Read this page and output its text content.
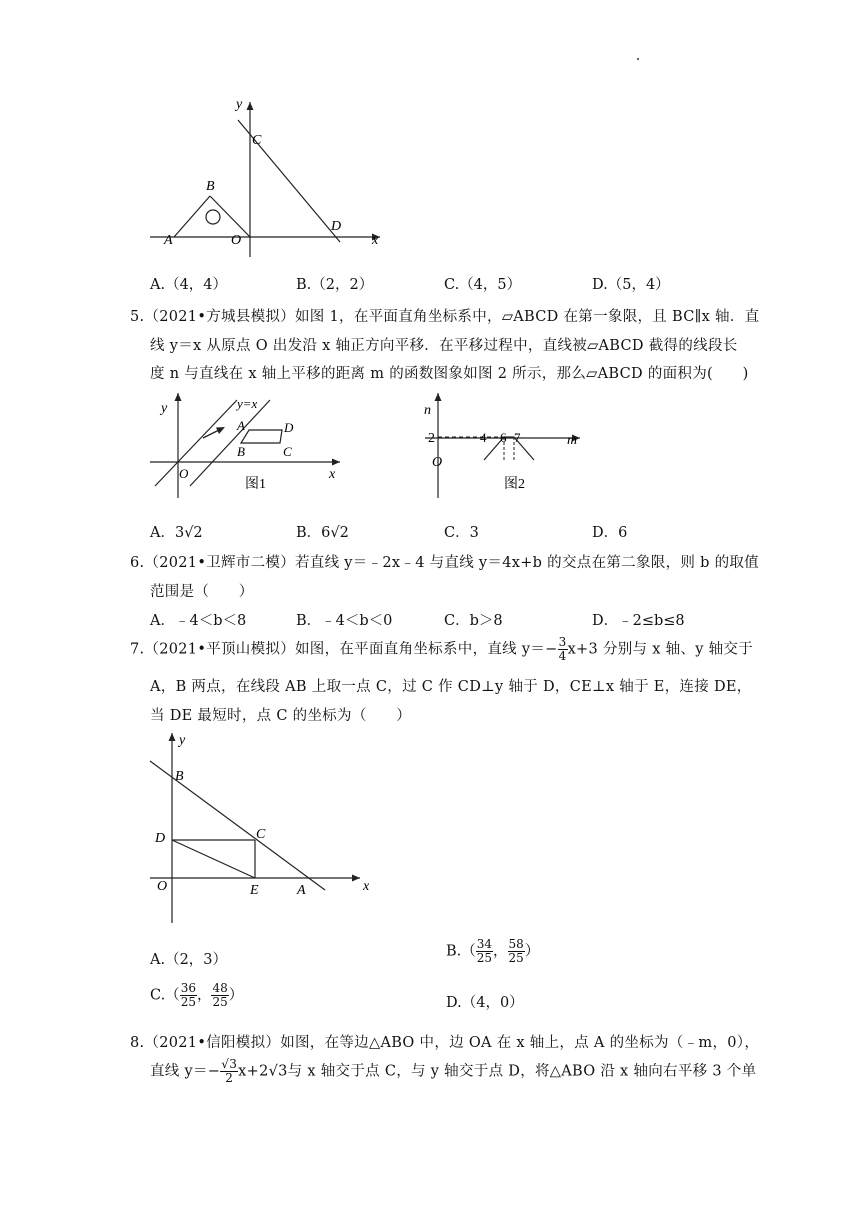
y
x
C
B
D
A	O
A.（4，4）	B.（2，2）	C.（4，5）	D.（5，4）
5.（2021•方城县模拟）如图 1，在平面直角坐标系中，▱ABCD 在第一象限，且 BC∥x 轴．直
线 y＝x 从原点 O 出发沿 x 轴正方向平移．在平移过程中，直线被▱ABCD 截得的线段长
度 n 与直线在 x 轴上平移的距离 m 的函数图象如图 2 所示，那么▱ABCD 的面积为(　　)
y
x
y=x
A
B	C
D
O
图1
n
m
2
O
4 6 7
图2
A．3√2	B．6√2	C．3	D．6
6.（2021•卫辉市二模）若直线 y＝﹣2x﹣4 与直线 y＝4x+b 的交点在第二象限，则 b 的取值
范围是（　　）
A．﹣4＜b＜8	B．﹣4＜b＜0	C．b＞8	D．﹣2≤b≤8
7.（2021•平顶山模拟）如图，在平面直角坐标系中，直线 $y=- \frac{3}{4} x+3$ 分别与 x 轴、y 轴交于
A，B 两点，在线段 AB 上取一点 C，过 C 作 CD⊥y 轴于 D，CE⊥x 轴于 E，连接 DE，
当 DE 最短时，点 C 的坐标为（　　）
y
x
B
D	C
O	E	A
A.（2，3）
$B.( \frac{34}{25}$ ， $\frac{58}{25}$ ）
$C.( \frac{36}{25}$ ， $\frac{48}{25}$ ）	D.（4，0）
8.（2021•信阳模拟）如图，在等边△ABO 中，边 OA 在 x 轴上，点 A 的坐标为（﹣m，0），
直线 $y=- \frac{√3}{2} x+2√3$与 x 轴交于点 C，与 y 轴交于点 D，将△ABO 沿 x 轴向右平移 3 个单
